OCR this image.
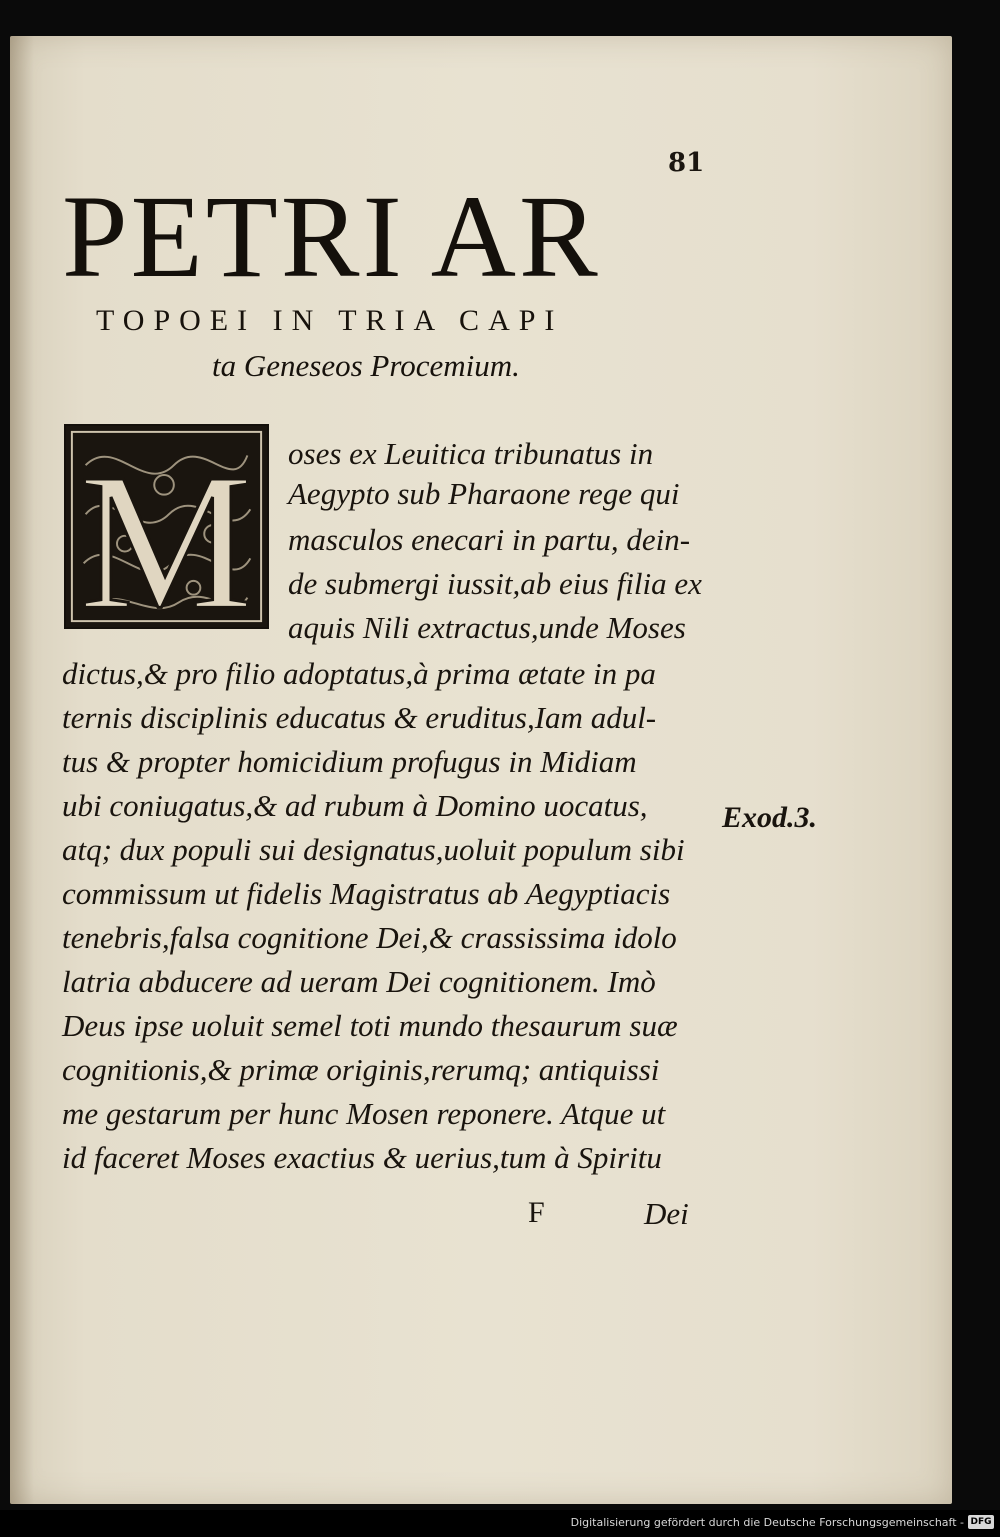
81
PETRI AR
TOPOEI IN TRIA CAPI
ta Geneseos Procemium.
M oses ex Leuitica tribunatus in
Aegypto sub Pharaone rege qui
masculos enecari in partu, dein-
de submergi iussit,ab eius filia ex
aquis Nili extractus,unde Moses
dictus,& pro filio adoptatus,à prima ætate in pa
ternis disciplinis educatus & eruditus,Iam adul-
tus & propter homicidium profugus in Midiam
ubi coniugatus,& ad rubum à Domino uocatus,
atq; dux populi sui designatus,uoluit populum sibi
commissum ut fidelis Magistratus ab Aegyptiacis
tenebris,falsa cognitione Dei,& crassissima idolo
latria abducere ad ueram Dei cognitionem. Imò
Deus ipse uoluit semel toti mundo thesaurum suæ
cognitionis,& primæ originis,rerumq; antiquissi
me gestarum per hunc Mosen reponere. Atque ut
id faceret Moses exactius & uerius,tum à Spiritu
Exod.3.
F	Dei
Digitalisierung gefördert durch die Deutsche Forschungsgemeinschaft - DFG
